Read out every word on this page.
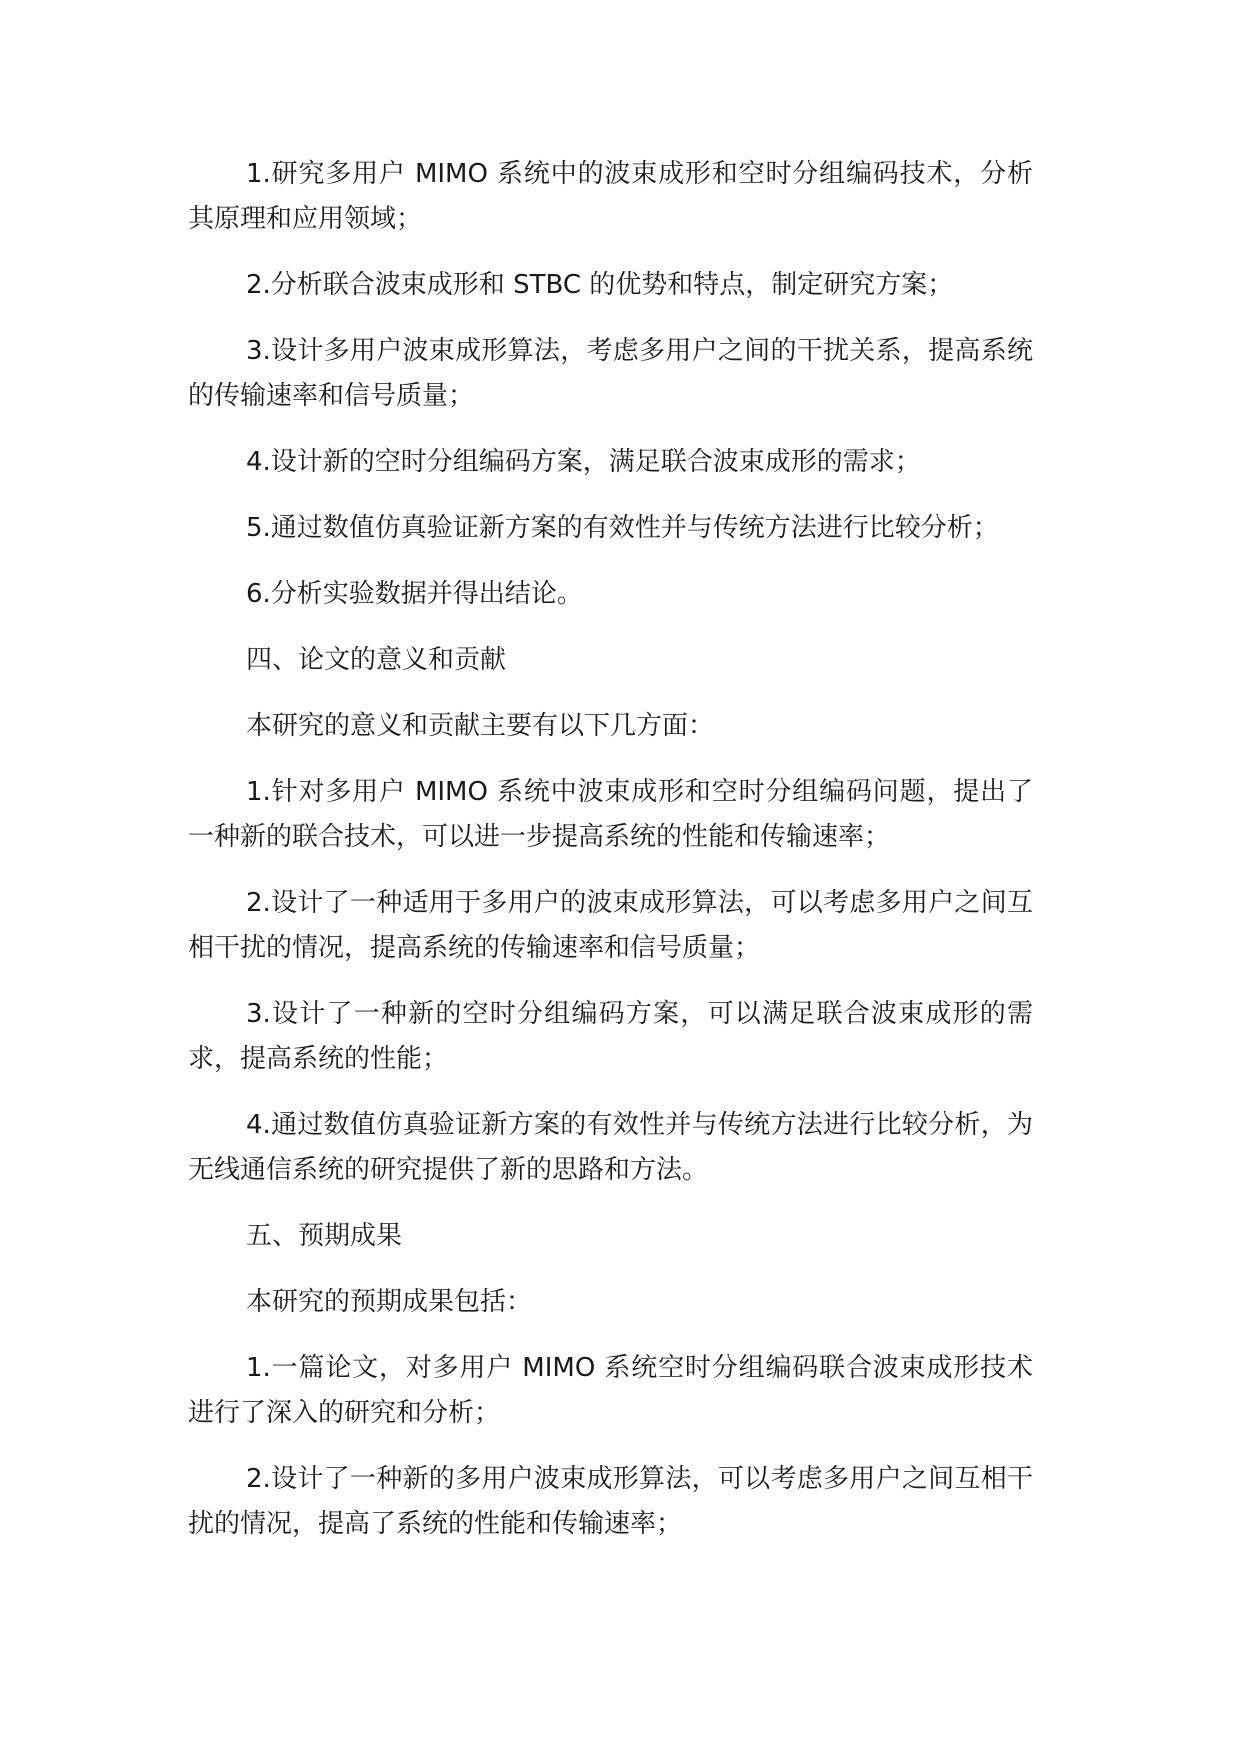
1.研究多用户 MIMO 系统中的波束成形和空时分组编码技术，分析其原理和应用领域；

2.分析联合波束成形和 STBC 的优势和特点，制定研究方案；

3.设计多用户波束成形算法，考虑多用户之间的干扰关系，提高系统的传输速率和信号质量；

4.设计新的空时分组编码方案，满足联合波束成形的需求；

5.通过数值仿真验证新方案的有效性并与传统方法进行比较分析；

6.分析实验数据并得出结论。

四、论文的意义和贡献

本研究的意义和贡献主要有以下几方面：

1.针对多用户 MIMO 系统中波束成形和空时分组编码问题，提出了一种新的联合技术，可以进一步提高系统的性能和传输速率；

2.设计了一种适用于多用户的波束成形算法，可以考虑多用户之间互相干扰的情况，提高系统的传输速率和信号质量；

3.设计了一种新的空时分组编码方案，可以满足联合波束成形的需求，提高系统的性能；

4.通过数值仿真验证新方案的有效性并与传统方法进行比较分析，为无线通信系统的研究提供了新的思路和方法。

五、预期成果

本研究的预期成果包括：

1.一篇论文，对多用户 MIMO 系统空时分组编码联合波束成形技术进行了深入的研究和分析；

2.设计了一种新的多用户波束成形算法，可以考虑多用户之间互相干扰的情况，提高了系统的性能和传输速率；
